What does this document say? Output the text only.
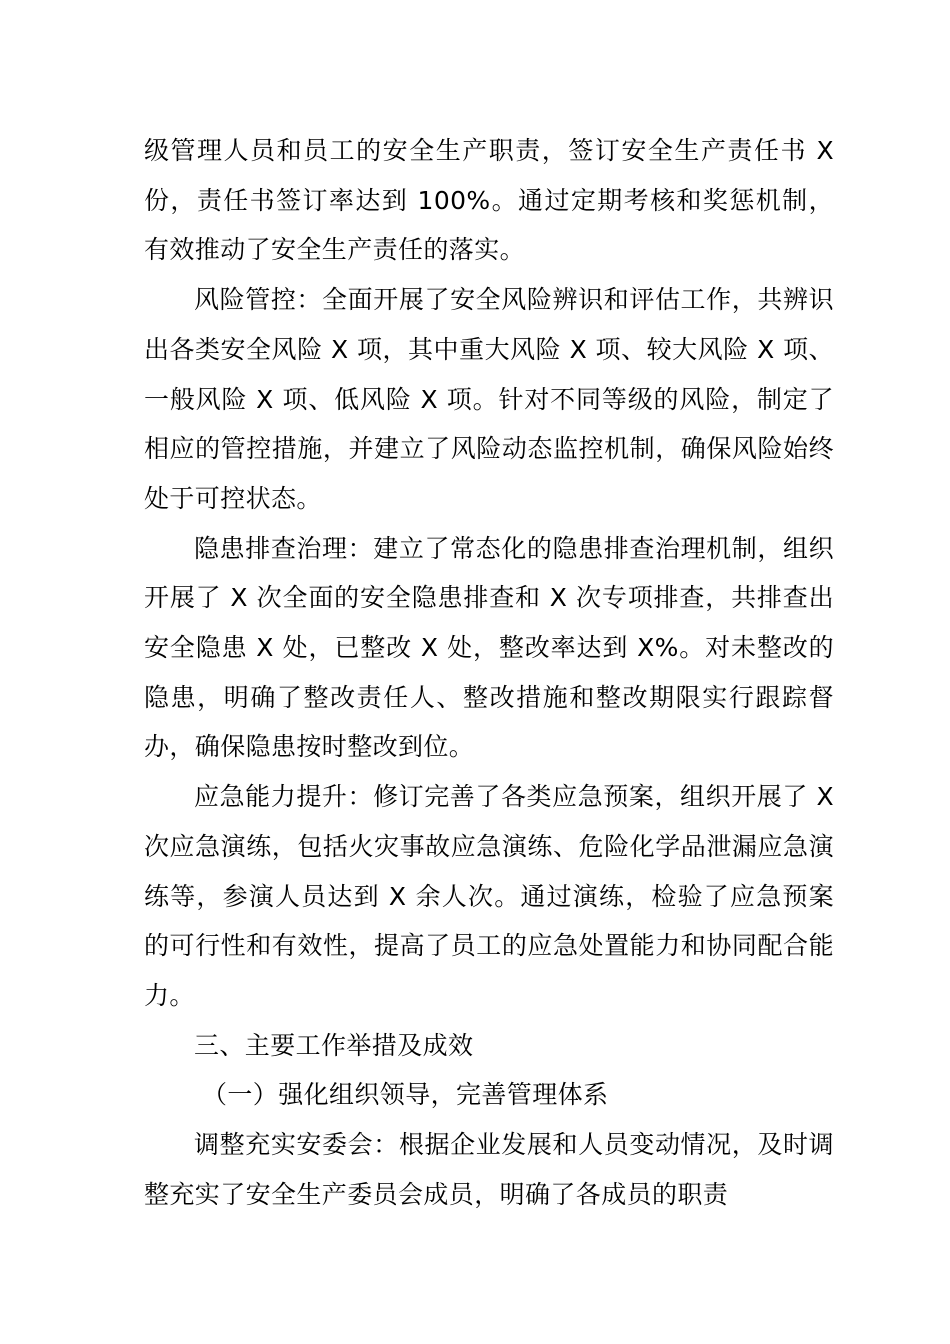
级管理人员和员工的安全生产职责，签订安全生产责任书 X 份，责任书签订率达到 100%。通过定期考核和奖惩机制，有效推动了安全生产责任的落实。

风险管控：全面开展了安全风险辨识和评估工作，共辨识出各类安全风险 X 项，其中重大风险 X 项、较大风险 X 项、一般风险 X 项、低风险 X 项。针对不同等级的风险，制定了相应的管控措施，并建立了风险动态监控机制，确保风险始终处于可控状态。

隐患排查治理：建立了常态化的隐患排查治理机制，组织开展了 X 次全面的安全隐患排查和 X 次专项排查，共排查出安全隐患 X 处，已整改 X 处，整改率达到 X%。对未整改的隐患，明确了整改责任人、整改措施和整改期限实行跟踪督办，确保隐患按时整改到位。

应急能力提升：修订完善了各类应急预案，组织开展了 X 次应急演练，包括火灾事故应急演练、危险化学品泄漏应急演练等，参演人员达到 X 余人次。通过演练，检验了应急预案的可行性和有效性，提高了员工的应急处置能力和协同配合能力。

三、主要工作举措及成效

（一）强化组织领导，完善管理体系

调整充实安委会：根据企业发展和人员变动情况，及时调整充实了安全生产委员会成员，明确了各成员的职责
